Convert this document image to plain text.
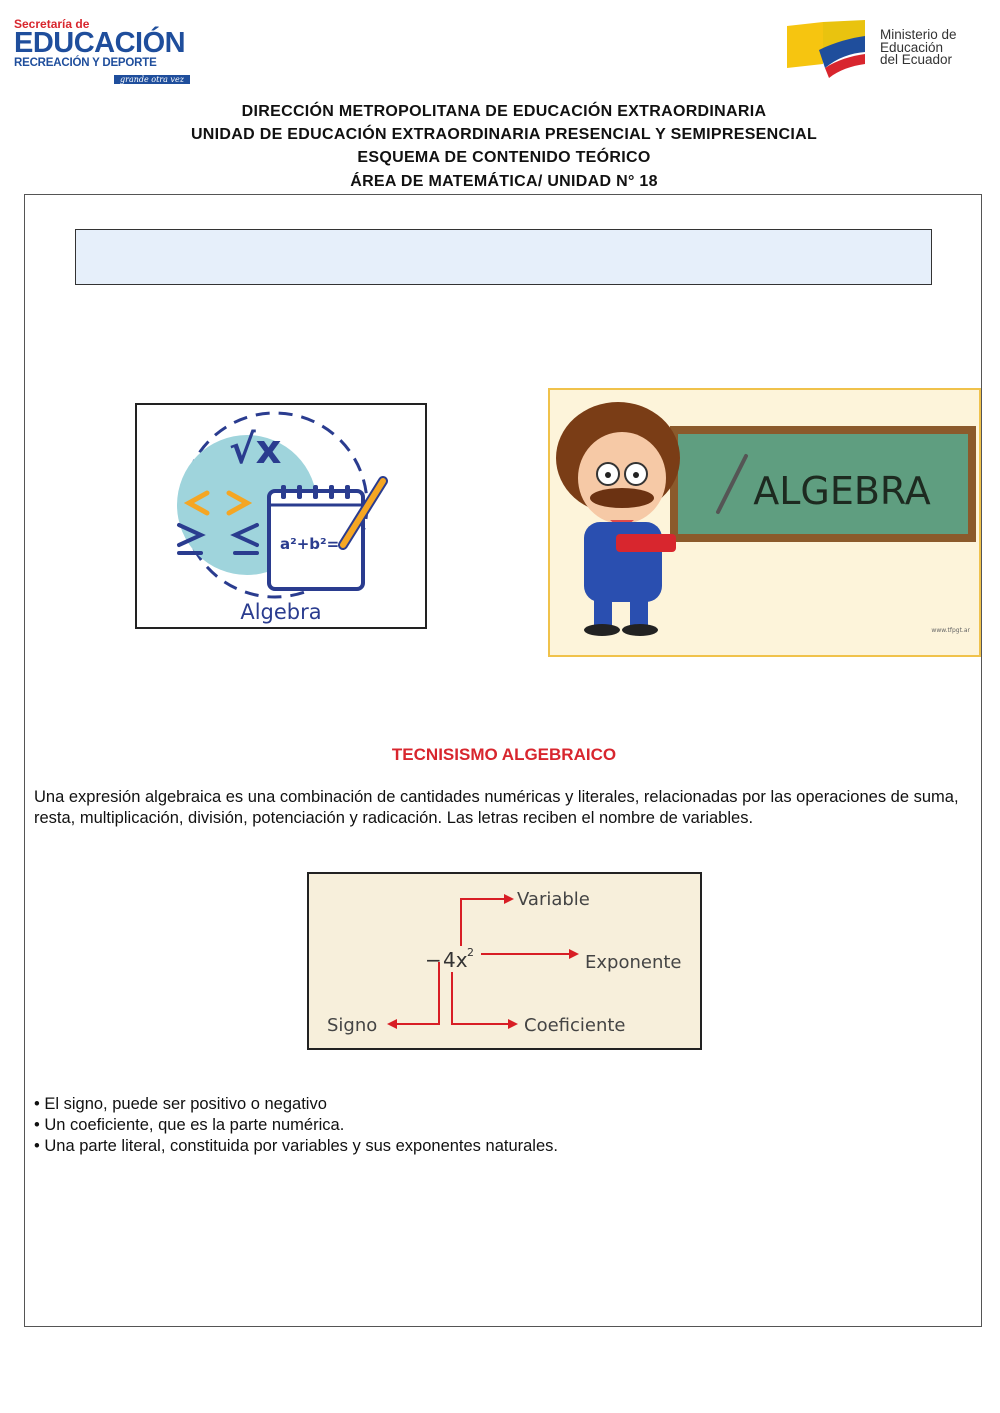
Secretaría de
EDUCACIÓN
RECREACIÓN Y DEPORTE
grande otra vez
Ministerio de
Educación
del Ecuador
DIRECCIÓN METROPOLITANA DE EDUCACIÓN EXTRAORDINARIA
UNIDAD DE EDUCACIÓN EXTRAORDINARIA PRESENCIAL Y SEMIPRESENCIAL
ESQUEMA DE CONTENIDO TEÓRICO
ÁREA DE MATEMÁTICA/ UNIDAD N° 18
a²+b²=
√x
Algebra
ALGEBRA
www.tfpgt.ar
TECNISISMO ALGEBRAICO
Una expresión algebraica es una combinación de cantidades numéricas y literales, relacionadas por las operaciones de suma, resta, multiplicación, división, potenciación y radicación. Las letras reciben el nombre de variables.
− 4x 2
Variable
Exponente
Signo	Coeficiente
• El signo, puede ser positivo o negativo
• Un coeficiente, que es la parte numérica.
• Una parte literal, constituida por variables y sus exponentes naturales.
